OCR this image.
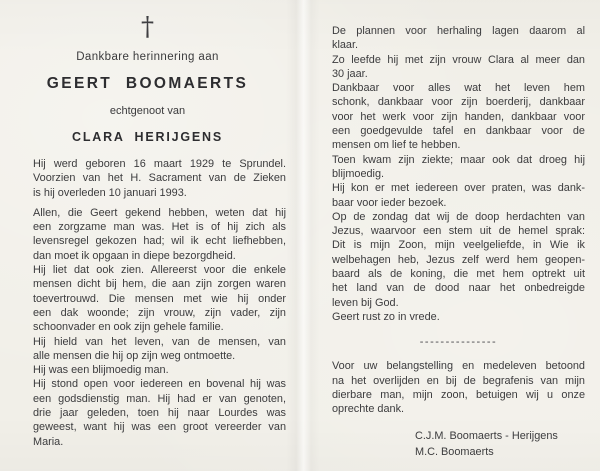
†
Dankbare herinnering aan
GEERT BOOMAERTS
echtgenoot van
CLARA HERIJGENS
Hij werd geboren 16 maart 1929 te Sprundel.
Voorzien van het H. Sacrament van de Zieken
is hij overleden 10 januari 1993.
Allen, die Geert gekend hebben, weten dat hij
een zorgzame man was. Het is of hij zich als
levensregel gekozen had; wil ik echt liefhebben,
dan moet ik opgaan in diepe bezorgdheid.
Hij liet dat ook zien. Allereerst voor die enkele
mensen dicht bij hem, die aan zijn zorgen waren
toevertrouwd. Die mensen met wie hij onder
een dak woonde; zijn vrouw, zijn vader, zijn
schoonvader en ook zijn gehele familie.
Hij hield van het leven, van de mensen, van
alle mensen die hij op zijn weg ontmoette.
Hij was een blijmoedig man.
Hij stond open voor iedereen en bovenal hij was
een godsdienstig man. Hij had er van genoten,
drie jaar geleden, toen hij naar Lourdes was
geweest, want hij was een groot vereerder van
Maria.
De plannen voor herhaling lagen daarom al
klaar.
Zo leefde hij met zijn vrouw Clara al meer dan
30 jaar.
Dankbaar voor alles wat het leven hem
schonk, dankbaar voor zijn boerderij, dankbaar
voor het werk voor zijn handen, dankbaar voor
een goedgevulde tafel en dankbaar voor de
mensen om lief te hebben.
Toen kwam zijn ziekte; maar ook dat droeg hij
blijmoedig.
Hij kon er met iedereen over praten, was dank-
baar voor ieder bezoek.
Op de zondag dat wij de doop herdachten van
Jezus, waarvoor een stem uit de hemel sprak:
Dit is mijn Zoon, mijn veelgeliefde, in Wie ik
welbehagen heb, Jezus zelf werd hem geopen-
baard als de koning, die met hem optrekt uit
het land van de dood naar het onbedreigde
leven bij God.
Geert rust zo in vrede.
---------------
Voor uw belangstelling en medeleven betoond
na het overlijden en bij de begrafenis van mijn
dierbare man, mijn zoon, betuigen wij u onze
oprechte dank.
C.J.M. Boomaerts - Herijgens
M.C. Boomaerts
